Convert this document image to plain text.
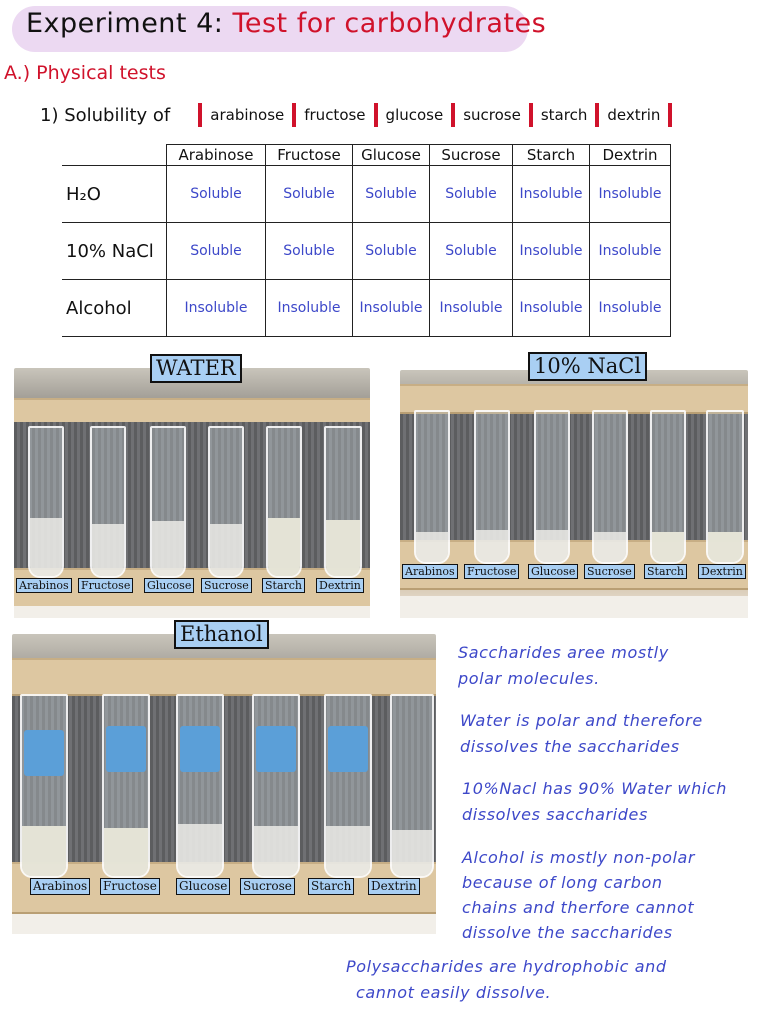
Experiment 4: Test for carbohydrates
A.) Physical tests
1) Solubility of	arabinose fructose glucose sucrose starch dextrin
	Arabinose	Fructose	Glucose	Sucrose	Starch	Dextrin
H₂O	Soluble	Soluble	Soluble	Soluble	Insoluble	Insoluble
10% NaCl	Soluble	Soluble	Soluble	Soluble	Insoluble	Insoluble
Alcohol	Insoluble	Insoluble	Insoluble	Insoluble	Insoluble	Insoluble
WATER
Arabinos Fructose Glucose Sucrose Starch Dextrin
10% NaCl
Arabinos Fructose Glucose Sucrose Starch Dextrin
Ethanol
Arabinos Fructose Glucose Sucrose Starch Dextrin
Saccharides aree mostly
polar molecules.
Water is polar and therefore
dissolves the saccharides
10%Nacl has 90% Water which
dissolves saccharides
Alcohol is mostly non-polar
because of long carbon
chains and therfore cannot
dissolve the saccharides
Polysaccharides are hydrophobic and
cannot easily dissolve.
